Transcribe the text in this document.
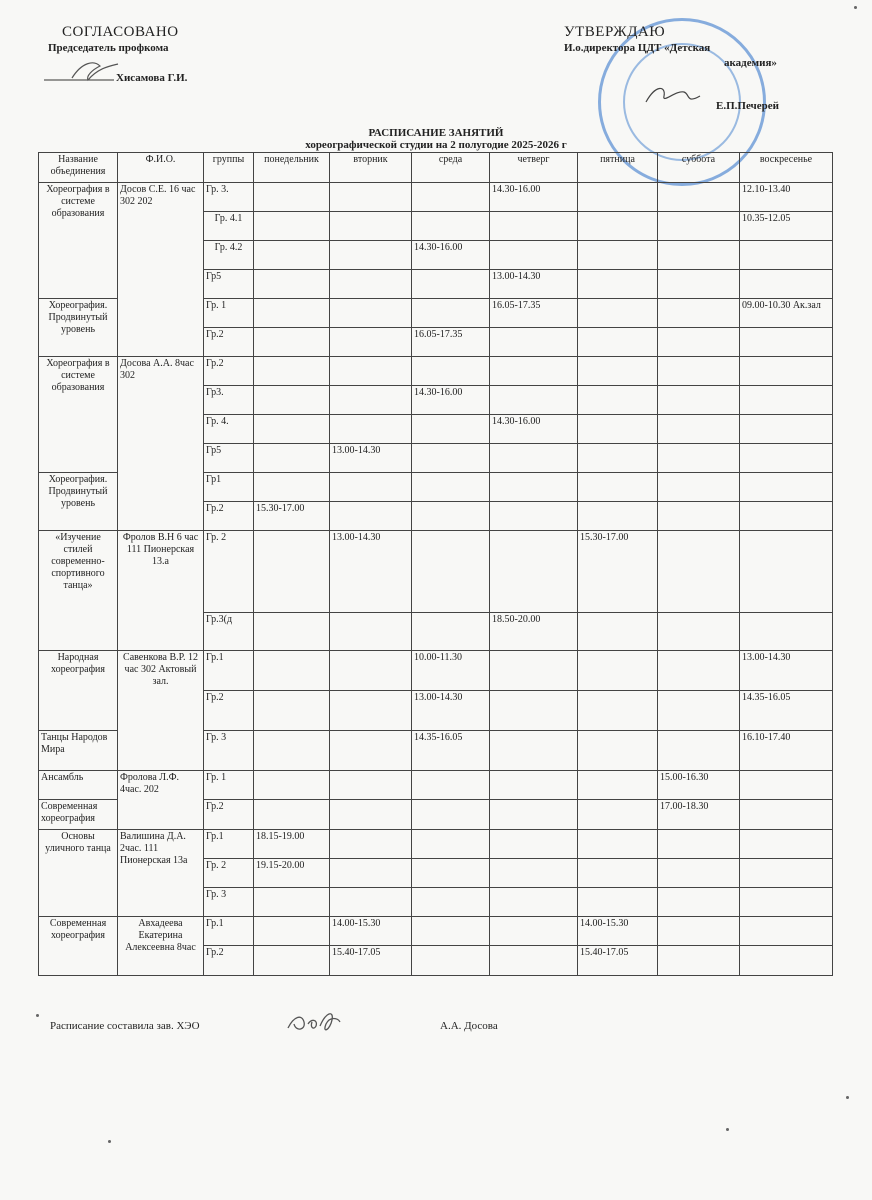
СОГЛАСОВАНО
Председатель профкома
Хисамова Г.И.
УТВЕРЖДАЮ
И.о.директора ЦДТ «Детская
академия»
Е.П.Печерей
РАСПИСАНИЕ ЗАНЯТИЙ
хореографической студии на 2 полугодие 2025-2026 г
Название объединения	Ф.И.О.	группы	понедельник	вторник	среда	четверг	пятница	суббота	воскресенье
Хореография в системе образования	Досов С.Е. 16 час 302 202	Гр. 3.				14.30-16.00			12.10-13.40
		Гр. 4.1							10.35-12.05
		Гр. 4.2			14.30-16.00				
		Гр5				13.00-14.30			
Хореография. Продвинутый уровень		Гр. 1				16.05-17.35			09.00-10.30 Ак.зал
		Гр.2			16.05-17.35				
Хореография в системе образования	Досова А.А. 8час 302	Гр.2							
		Гр3.			14.30-16.00				
		Гр. 4.				14.30-16.00			
		Гр5		13.00-14.30					
Хореография. Продвинутый уровень		Гр1							
		Гр.2	15.30-17.00						
«Изучение стилей современно-спортивного танца»	Фролов В.Н 6 час 111 Пионерская 13.а	Гр. 2		13.00-14.30			15.30-17.00		
		Гр.3(д				18.50-20.00			
Народная хореография	Савенкова В.Р. 12 час 302 Актовый зал.	Гр.1			10.00-11.30				13.00-14.30
		Гр.2			13.00-14.30				14.35-16.05
Танцы Народов Мира		Гр. 3			14.35-16.05				16.10-17.40
Ансамбль	Фролова Л.Ф. 4час. 202	Гр. 1						15.00-16.30	
Современная хореография		Гр.2						17.00-18.30	
Основы уличного танца	Валишина Д.А. 2час. 111 Пионерская 13а	Гр.1	18.15-19.00						
		Гр. 2	19.15-20.00						
		Гр. 3							
Современная хореография	Авхадеева Екатерина Алексеевна 8час	Гр.1		14.00-15.30			14.00-15.30		
		Гр.2		15.40-17.05			15.40-17.05		
Расписание составила зав. ХЭО	А.А. Досова
